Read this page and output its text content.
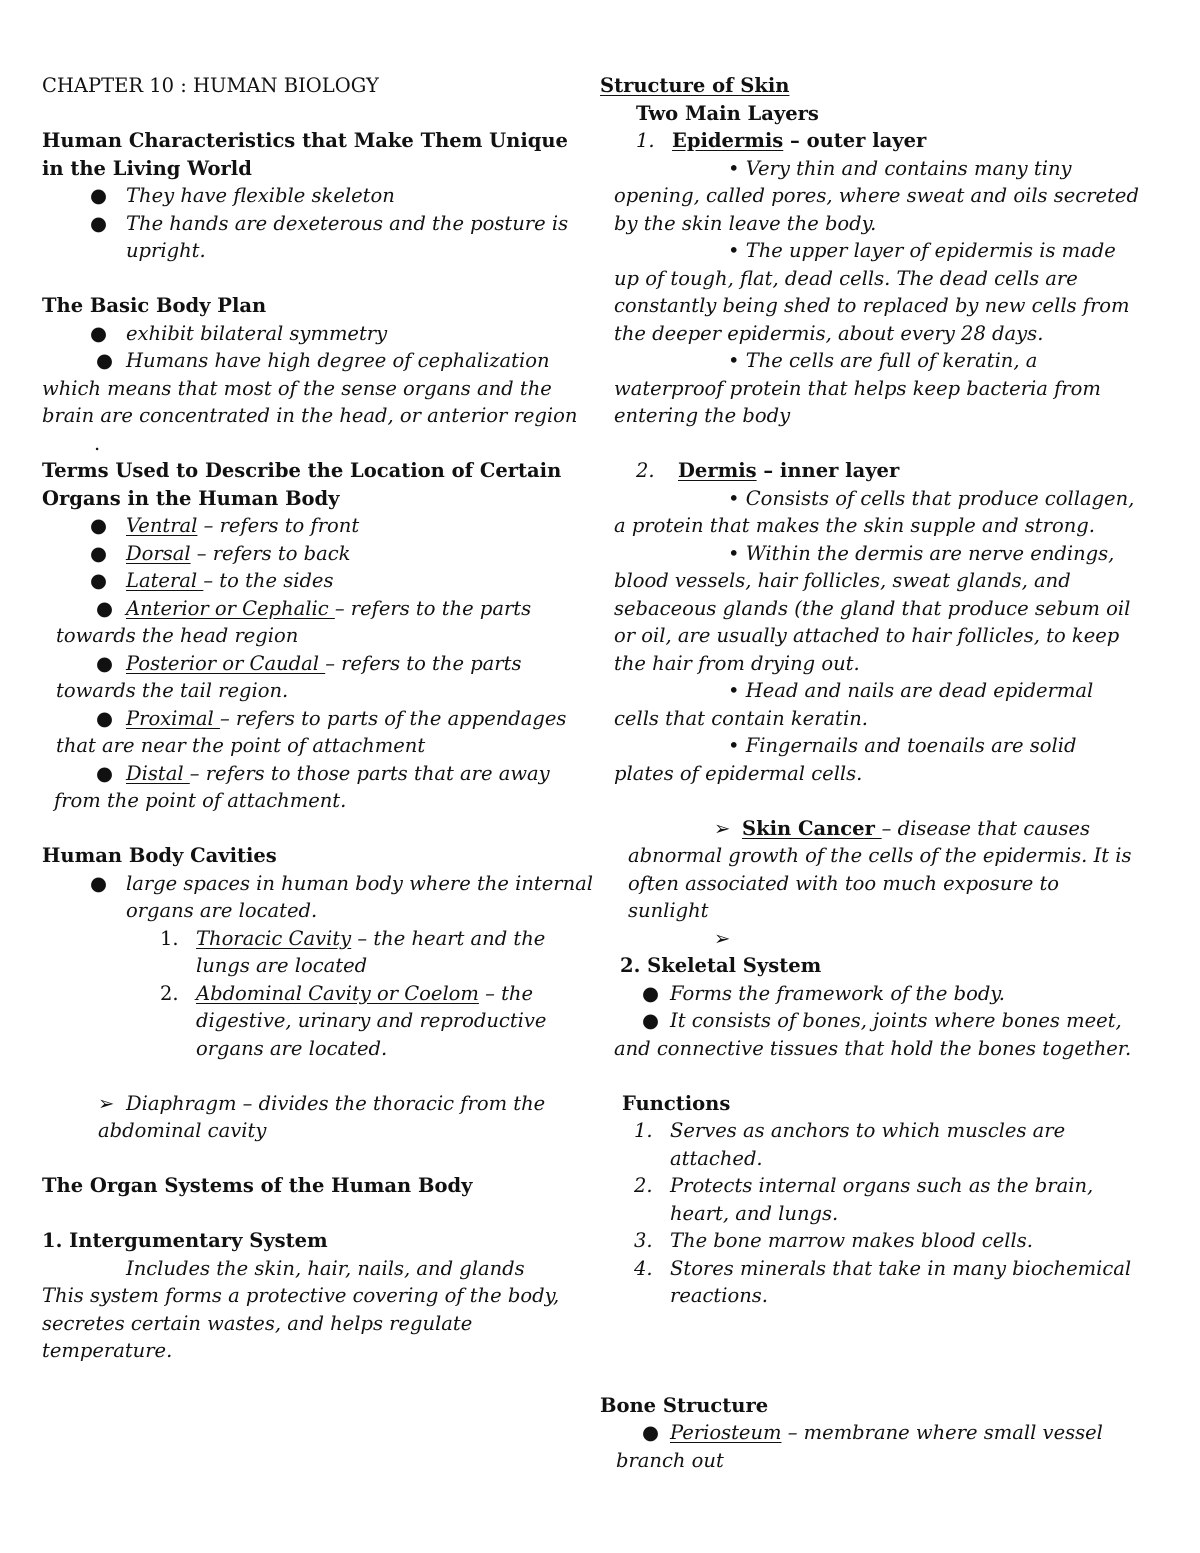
CHAPTER 10 : HUMAN BIOLOGY
Human Characteristics that Make Them Unique
in the Living World
● They have flexible skeleton
● The hands are dexeterous and the posture is
upright.
The Basic Body Plan
● exhibit bilateral symmetry
● Humans have high degree of cephalization
which means that most of the sense organs and the
brain are concentrated in the head, or anterior region
.
Terms Used to Describe the Location of Certain
Organs in the Human Body
● Ventral – refers to front
● Dorsal – refers to back
● Lateral – to the sides
● Anterior or Cephalic – refers to the parts
towards the head region
● Posterior or Caudal – refers to the parts
towards the tail region.
● Proximal – refers to parts of the appendages
that are near the point of attachment
● Distal – refers to those parts that are away
from the point of attachment.
Human Body Cavities
● large spaces in human body where the internal
organs are located.
1. Thoracic Cavity – the heart and the
lungs are located
2. Abdominal Cavity or Coelom – the
digestive, urinary and reproductive
organs are located.
➢ Diaphragm – divides the thoracic from the
abdominal cavity
The Organ Systems of the Human Body
1. Intergumentary System
Includes the skin, hair, nails, and glands
This system forms a protective covering of the body,
secretes certain wastes, and helps regulate
temperature.
Structure of Skin
Two Main Layers
1. Epidermis – outer layer
• Very thin and contains many tiny
opening, called pores, where sweat and oils secreted
by the skin leave the body.
• The upper layer of epidermis is made
up of tough, flat, dead cells. The dead cells are
constantly being shed to replaced by new cells from
the deeper epidermis, about every 28 days.
• The cells are full of keratin, a
waterproof protein that helps keep bacteria from
entering the body
2. Dermis – inner layer
• Consists of cells that produce collagen,
a protein that makes the skin supple and strong.
• Within the dermis are nerve endings,
blood vessels, hair follicles, sweat glands, and
sebaceous glands (the gland that produce sebum oil
or oil, are usually attached to hair follicles, to keep
the hair from drying out.
• Head and nails are dead epidermal
cells that contain keratin.
• Fingernails and toenails are solid
plates of epidermal cells.
➢ Skin Cancer – disease that causes
abnormal growth of the cells of the epidermis. It is
often associated with too much exposure to
sunlight
➢
2. Skeletal System
● Forms the framework of the body.
● It consists of bones, joints where bones meet,
and connective tissues that hold the bones together.
Functions
1. Serves as anchors to which muscles are
attached.
2. Protects internal organs such as the brain,
heart, and lungs.
3. The bone marrow makes blood cells.
4. Stores minerals that take in many biochemical
reactions.
Bone Structure
● Periosteum – membrane where small vessel
branch out
